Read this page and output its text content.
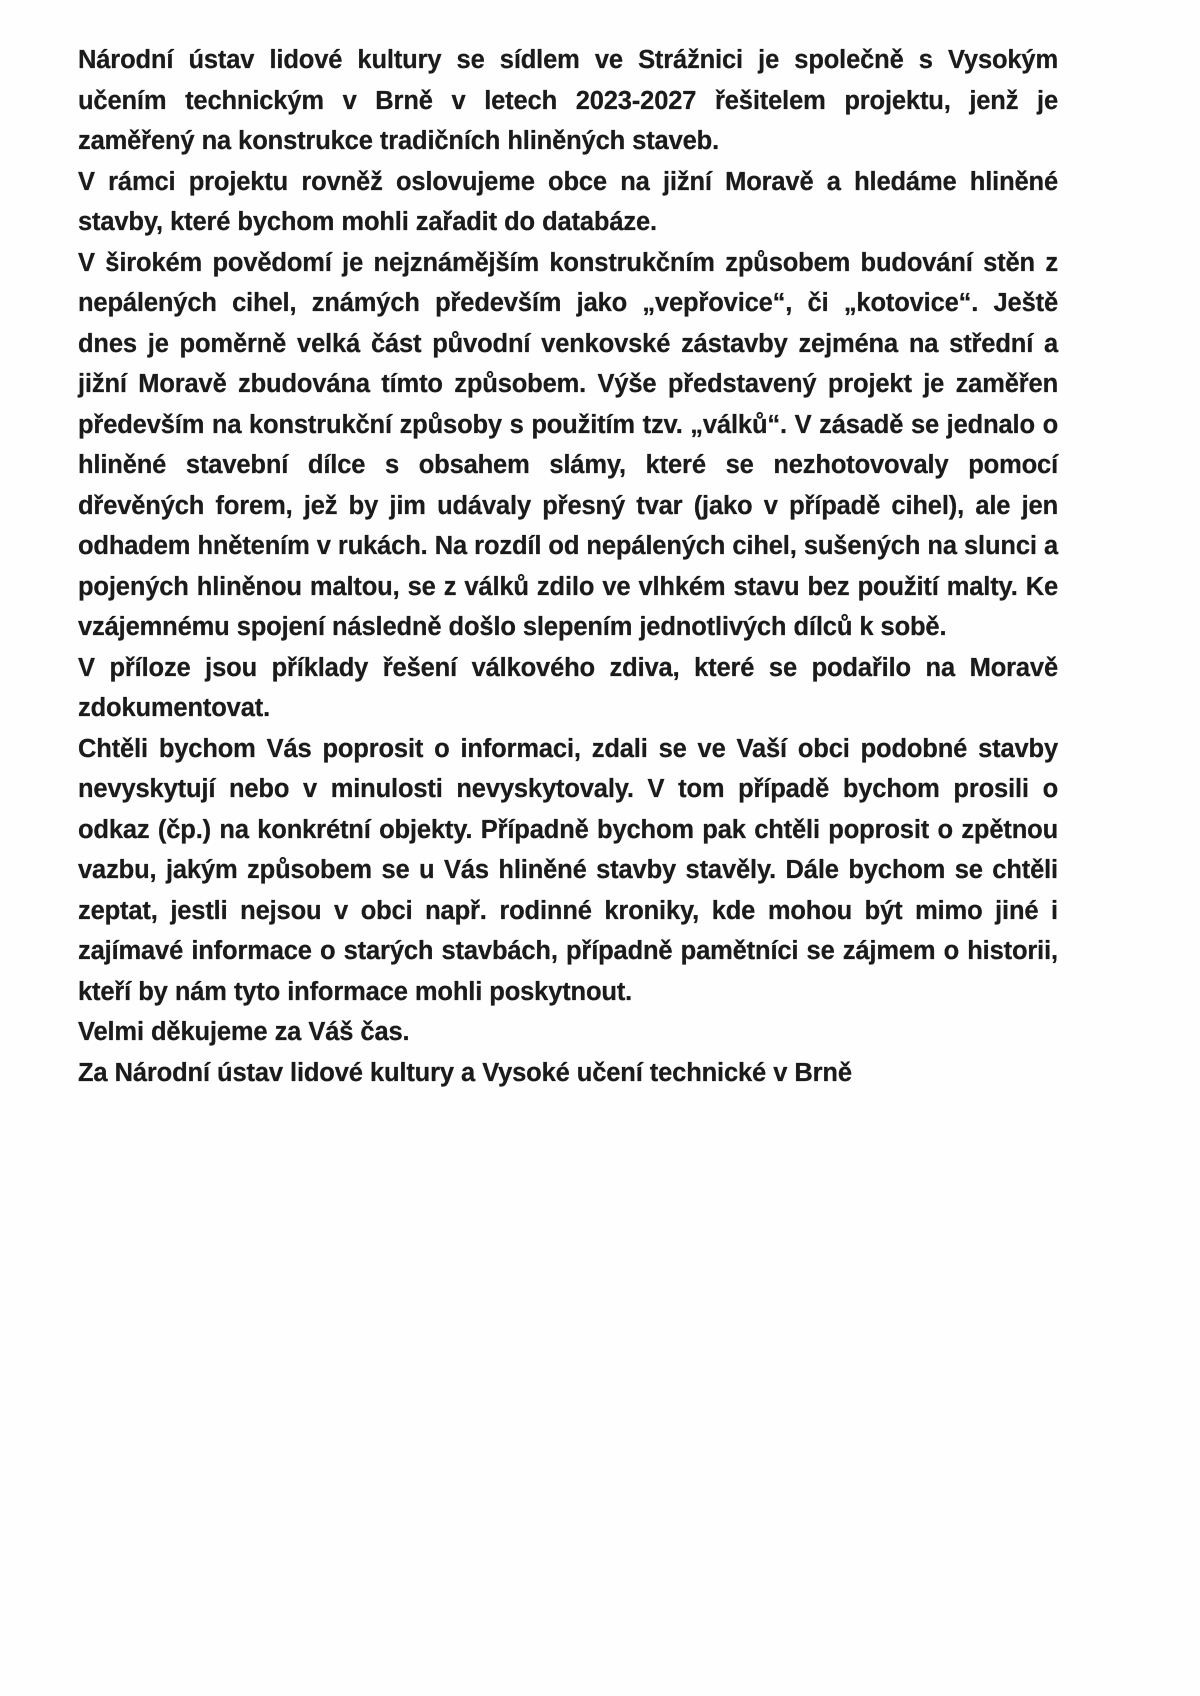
Národní ústav lidové kultury se sídlem ve Strážnici je společně s Vysokým učením technickým v Brně v letech 2023-2027 řešitelem projektu, jenž je zaměřený na konstrukce tradičních hliněných staveb.

V rámci projektu rovněž oslovujeme obce na jižní Moravě a hledáme hliněné stavby, které bychom mohli zařadit do databáze.

V širokém povědomí je nejznámějším konstrukčním způsobem budování stěn z nepálených cihel, známých především jako „vepřovice“, či „kotovice“. Ještě dnes je poměrně velká část původní venkovské zástavby zejména na střední a jižní Moravě zbudována tímto způsobem. Výše představený projekt je zaměřen především na konstrukční způsoby s použitím tzv. „válků“. V zásadě se jednalo o hliněné stavební dílce s obsahem slámy, které se nezhotovovaly pomocí dřevěných forem, jež by jim udávaly přesný tvar (jako v případě cihel), ale jen odhadem hnětením v rukách. Na rozdíl od nepálených cihel, sušených na slunci a pojených hliněnou maltou, se z válků zdilo ve vlhkém stavu bez použití malty. Ke vzájemnému spojení následně došlo slepením jednotlivých dílců k sobě.

V příloze jsou příklady řešení válkového zdiva, které se podařilo na Moravě zdokumentovat.

Chtěli bychom Vás poprosit o informaci, zdali se ve Vaší obci podobné stavby nevyskytují nebo v minulosti nevyskytovaly. V tom případě bychom prosili o odkaz (čp.) na konkrétní objekty. Případně bychom pak chtěli poprosit o zpětnou vazbu, jakým způsobem se u Vás hliněné stavby stavěly. Dále bychom se chtěli zeptat, jestli nejsou v obci např. rodinné kroniky, kde mohou být mimo jiné i zajímavé informace o starých stavbách, případně pamětníci se zájmem o historii, kteří by nám tyto informace mohli poskytnout.

Velmi děkujeme za Váš čas.

Za Národní ústav lidové kultury a Vysoké učení technické v Brně
